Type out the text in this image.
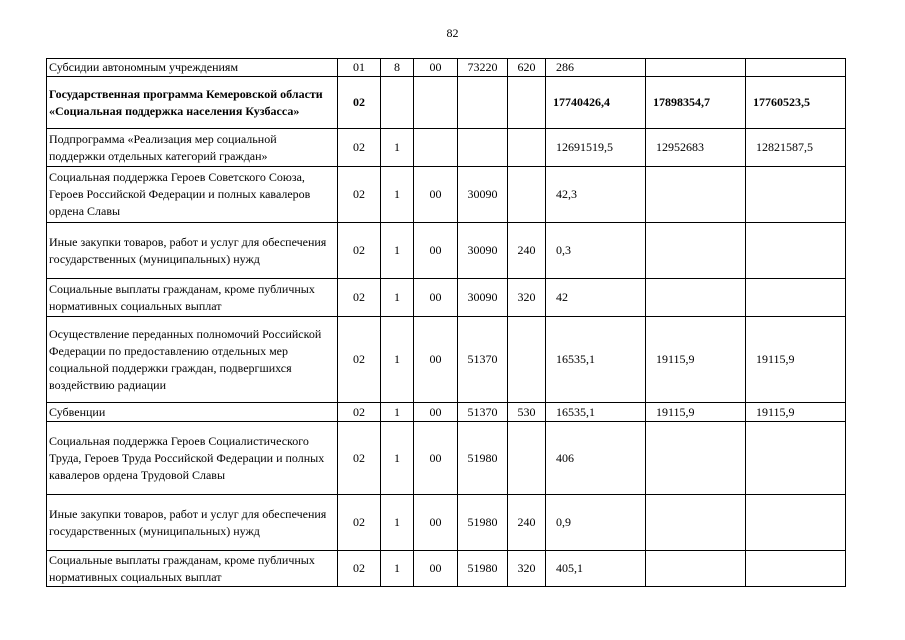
82
Субсидии автономным учреждениям	01	8	00	73220	620	286		
Государственная программа Кемеровской области «Социальная поддержка населения Кузбасса»	02					17740426,4	17898354,7	17760523,5
Подпрограмма «Реализация мер социальной поддержки отдельных категорий граждан»	02	1				12691519,5	12952683	12821587,5
Социальная поддержка Героев Советского Союза, Героев Российской Федерации и полных кавалеров ордена Славы	02	1	00	30090		42,3		
Иные закупки товаров, работ и услуг для обеспечения государственных (муниципальных) нужд	02	1	00	30090	240	0,3		
Социальные выплаты гражданам, кроме публичных нормативных социальных выплат	02	1	00	30090	320	42		
Осуществление переданных полномочий Российской Федерации по предоставлению отдельных мер социальной поддержки граждан, подвергшихся воздействию радиации	02	1	00	51370		16535,1	19115,9	19115,9
Субвенции	02	1	00	51370	530	16535,1	19115,9	19115,9
Социальная поддержка Героев Социалистического Труда, Героев Труда Российской Федерации и полных кавалеров ордена Трудовой Славы	02	1	00	51980		406		
Иные закупки товаров, работ и услуг для обеспечения государственных (муниципальных) нужд	02	1	00	51980	240	0,9		
Социальные выплаты гражданам, кроме публичных нормативных социальных выплат	02	1	00	51980	320	405,1		
